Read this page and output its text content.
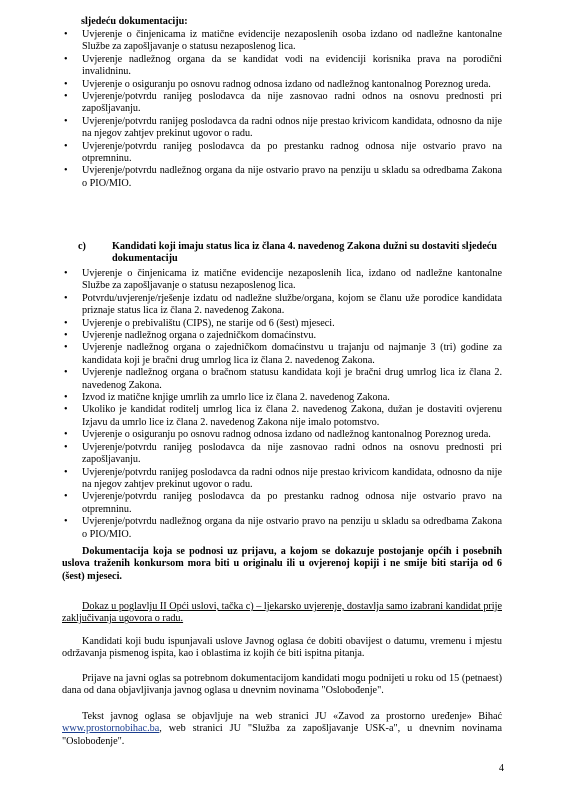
sljedeću dokumentaciju:
• Uvjerenje o činjenicama iz matične evidencije nezaposlenih osoba izdano od nadležne kantonalne Službe za zapošljavanje o statusu nezaposlenog lica.
• Uvjerenje nadležnog organa da se kandidat vodi na evidenciji korisnika prava na porodični invalidninu.
• Uvjerenje o osiguranju po osnovu radnog odnosa izdano od nadležnog kantonalnog Poreznog ureda.
• Uvjerenje/potvrdu ranijeg poslodavca da nije zasnovao radni odnos na osnovu prednosti pri zapošljavanju.
• Uvjerenje/potvrdu ranijeg poslodavca da radni odnos nije prestao krivicom kandidata, odnosno da nije na njegov zahtjev prekinut ugovor o radu.
• Uvjerenje/potvrdu ranijeg poslodavca da po prestanku radnog odnosa nije ostvario pravo na otpremninu.
• Uvjerenje/potvrdu nadležnog organa da nije ostvario pravo na penziju u skladu sa odredbama Zakona o PIO/MIO.
c)	Kandidati koji imaju status lica iz člana 4. navedenog Zakona dužni su dostaviti sljedeću dokumentaciju
• Uvjerenje o činjenicama iz matične evidencije nezaposlenih lica, izdano od nadležne kantonalne Službe za zapošljavanje o statusu nezaposlenog lica.
• Potvrdu/uvjerenje/rješenje izdatu od nadležne službe/organa, kojom se članu uže porodice kandidata priznaje status lica iz člana 2. navedenog Zakona.
• Uvjerenje o prebivalištu (CIPS), ne starije od 6 (šest) mjeseci.
• Uvjerenje nadležnog organa o zajedničkom domaćinstvu.
• Uvjerenje nadležnog organa o zajedničkom domaćinstvu u trajanju od najmanje 3 (tri) godine za kandidata koji je bračni drug umrlog lica iz člana 2. navedenog Zakona.
• Uvjerenje nadležnog organa o bračnom statusu kandidata koji je bračni drug umrlog lica iz člana 2. navedenog Zakona.
• Izvod iz matične knjige umrlih za umrlo lice iz člana 2. navedenog Zakona.
• Ukoliko je kandidat roditelj umrlog lica iz člana 2. navedenog Zakona, dužan je dostaviti ovjerenu Izjavu da umrlo lice iz člana 2. navedenog Zakona nije imalo potomstvo.
• Uvjerenje o osiguranju po osnovu radnog odnosa izdano od nadležnog kantonalnog Poreznog ureda.
• Uvjerenje/potvrdu ranijeg poslodavca da nije zasnovao radni odnos na osnovu prednosti pri zapošljavanju.
• Uvjerenje/potvrdu ranijeg poslodavca da radni odnos nije prestao krivicom kandidata, odnosno da nije na njegov zahtjev prekinut ugovor o radu.
• Uvjerenje/potvrdu ranijeg poslodavca da po prestanku radnog odnosa nije ostvario pravo na otpremninu.
• Uvjerenje/potvrdu nadležnog organa da nije ostvario pravo na penziju u skladu sa odredbama Zakona o PIO/MIO.
Dokumentacija koja se podnosi uz prijavu, a kojom se dokazuje postojanje općih i posebnih uslova traženih konkursom mora biti u originalu ili u ovjerenoj kopiji i ne smije biti starija od 6 (šest) mjeseci.
Dokaz u poglavlju II Opći uslovi, tačka c) – ljekarsko uvjerenje, dostavlja samo izabrani kandidat prije zaključivanja ugovora o radu.
Kandidati koji budu ispunjavali uslove Javnog oglasa će dobiti obavijest o datumu, vremenu i mjestu održavanja pismenog ispita, kao i oblastima iz kojih će biti ispitna pitanja.
Prijave na javni oglas sa potrebnom dokumentacijom kandidati mogu podnijeti u roku od 15 (petnaest) dana od dana objavljivanja javnog oglasa u dnevnim novinama "Oslobođenje".
Tekst javnog oglasa se objavljuje na web stranici JU «Zavod za prostorno uređenje» Bihać www.prostornobihac.ba, web stranici JU "Služba za zapošljavanje USK-a", u dnevnim novinama "Oslobođenje".
4
